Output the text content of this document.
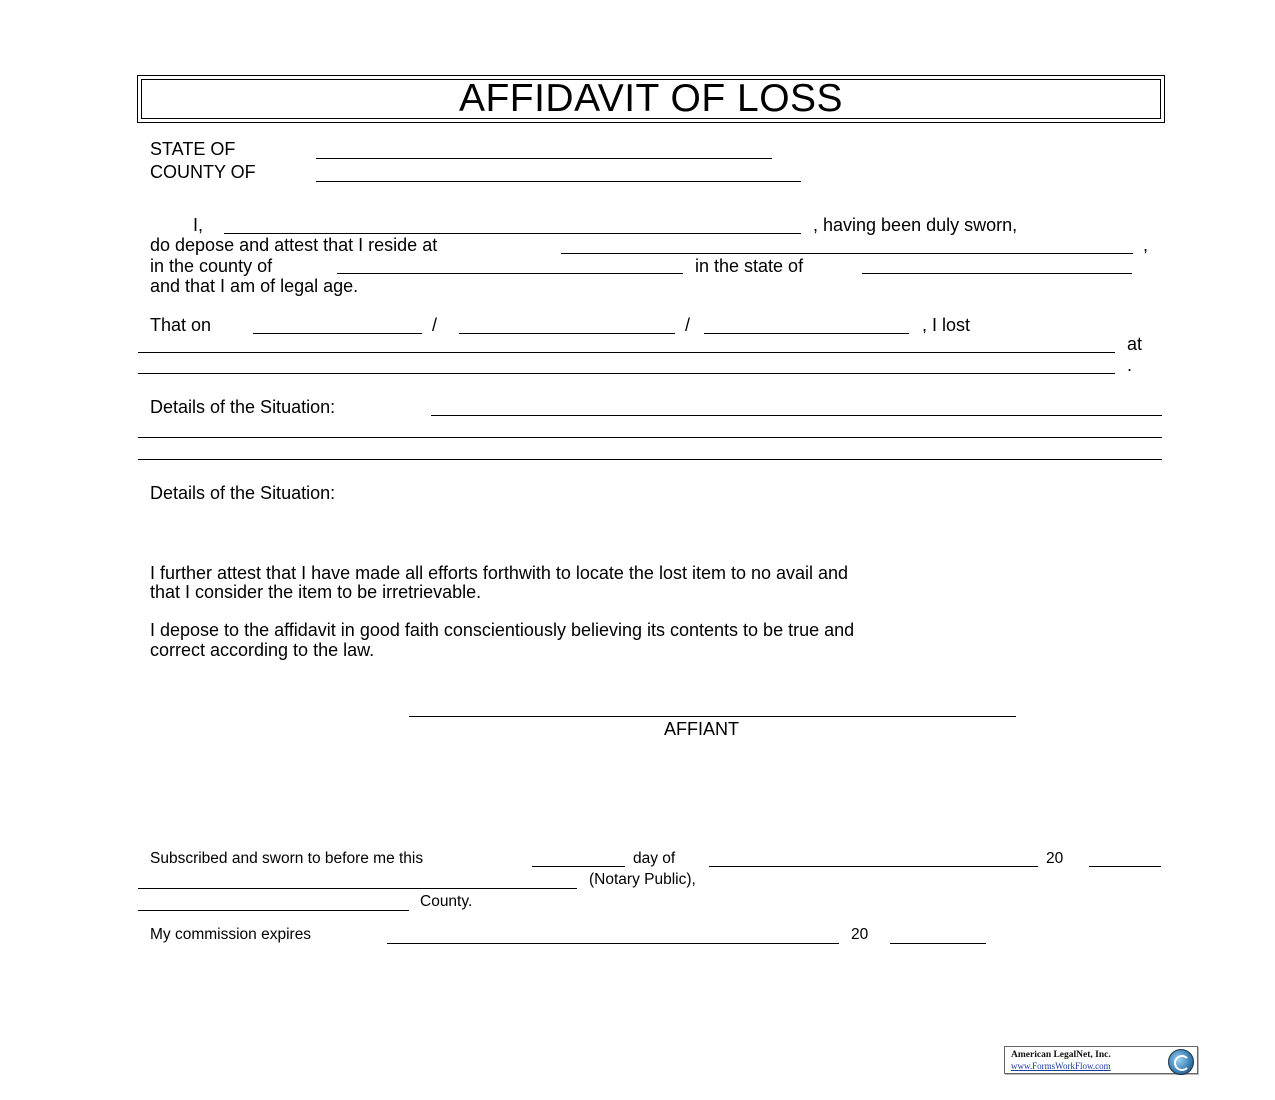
AFFIDAVIT OF LOSS
STATE OF
COUNTY OF
I,	, having been duly sworn,
do depose and attest that I reside at	,
in the county of	in the state of
and that I am of legal age.
That on	/	/	, I lost
at
.
Details of the Situation:
Details of the Situation:
I further attest that I have made all efforts forthwith to locate the lost item to no avail and
that I consider the item to be irretrievable.
I depose to the affidavit in good faith conscientiously believing its contents to be true and
correct according to the law.
AFFIANT
Subscribed and sworn to before me this	day of	20
(Notary Public),
County.
My commission expires	20
American LegalNet, Inc.
www.FormsWorkFlow.com
